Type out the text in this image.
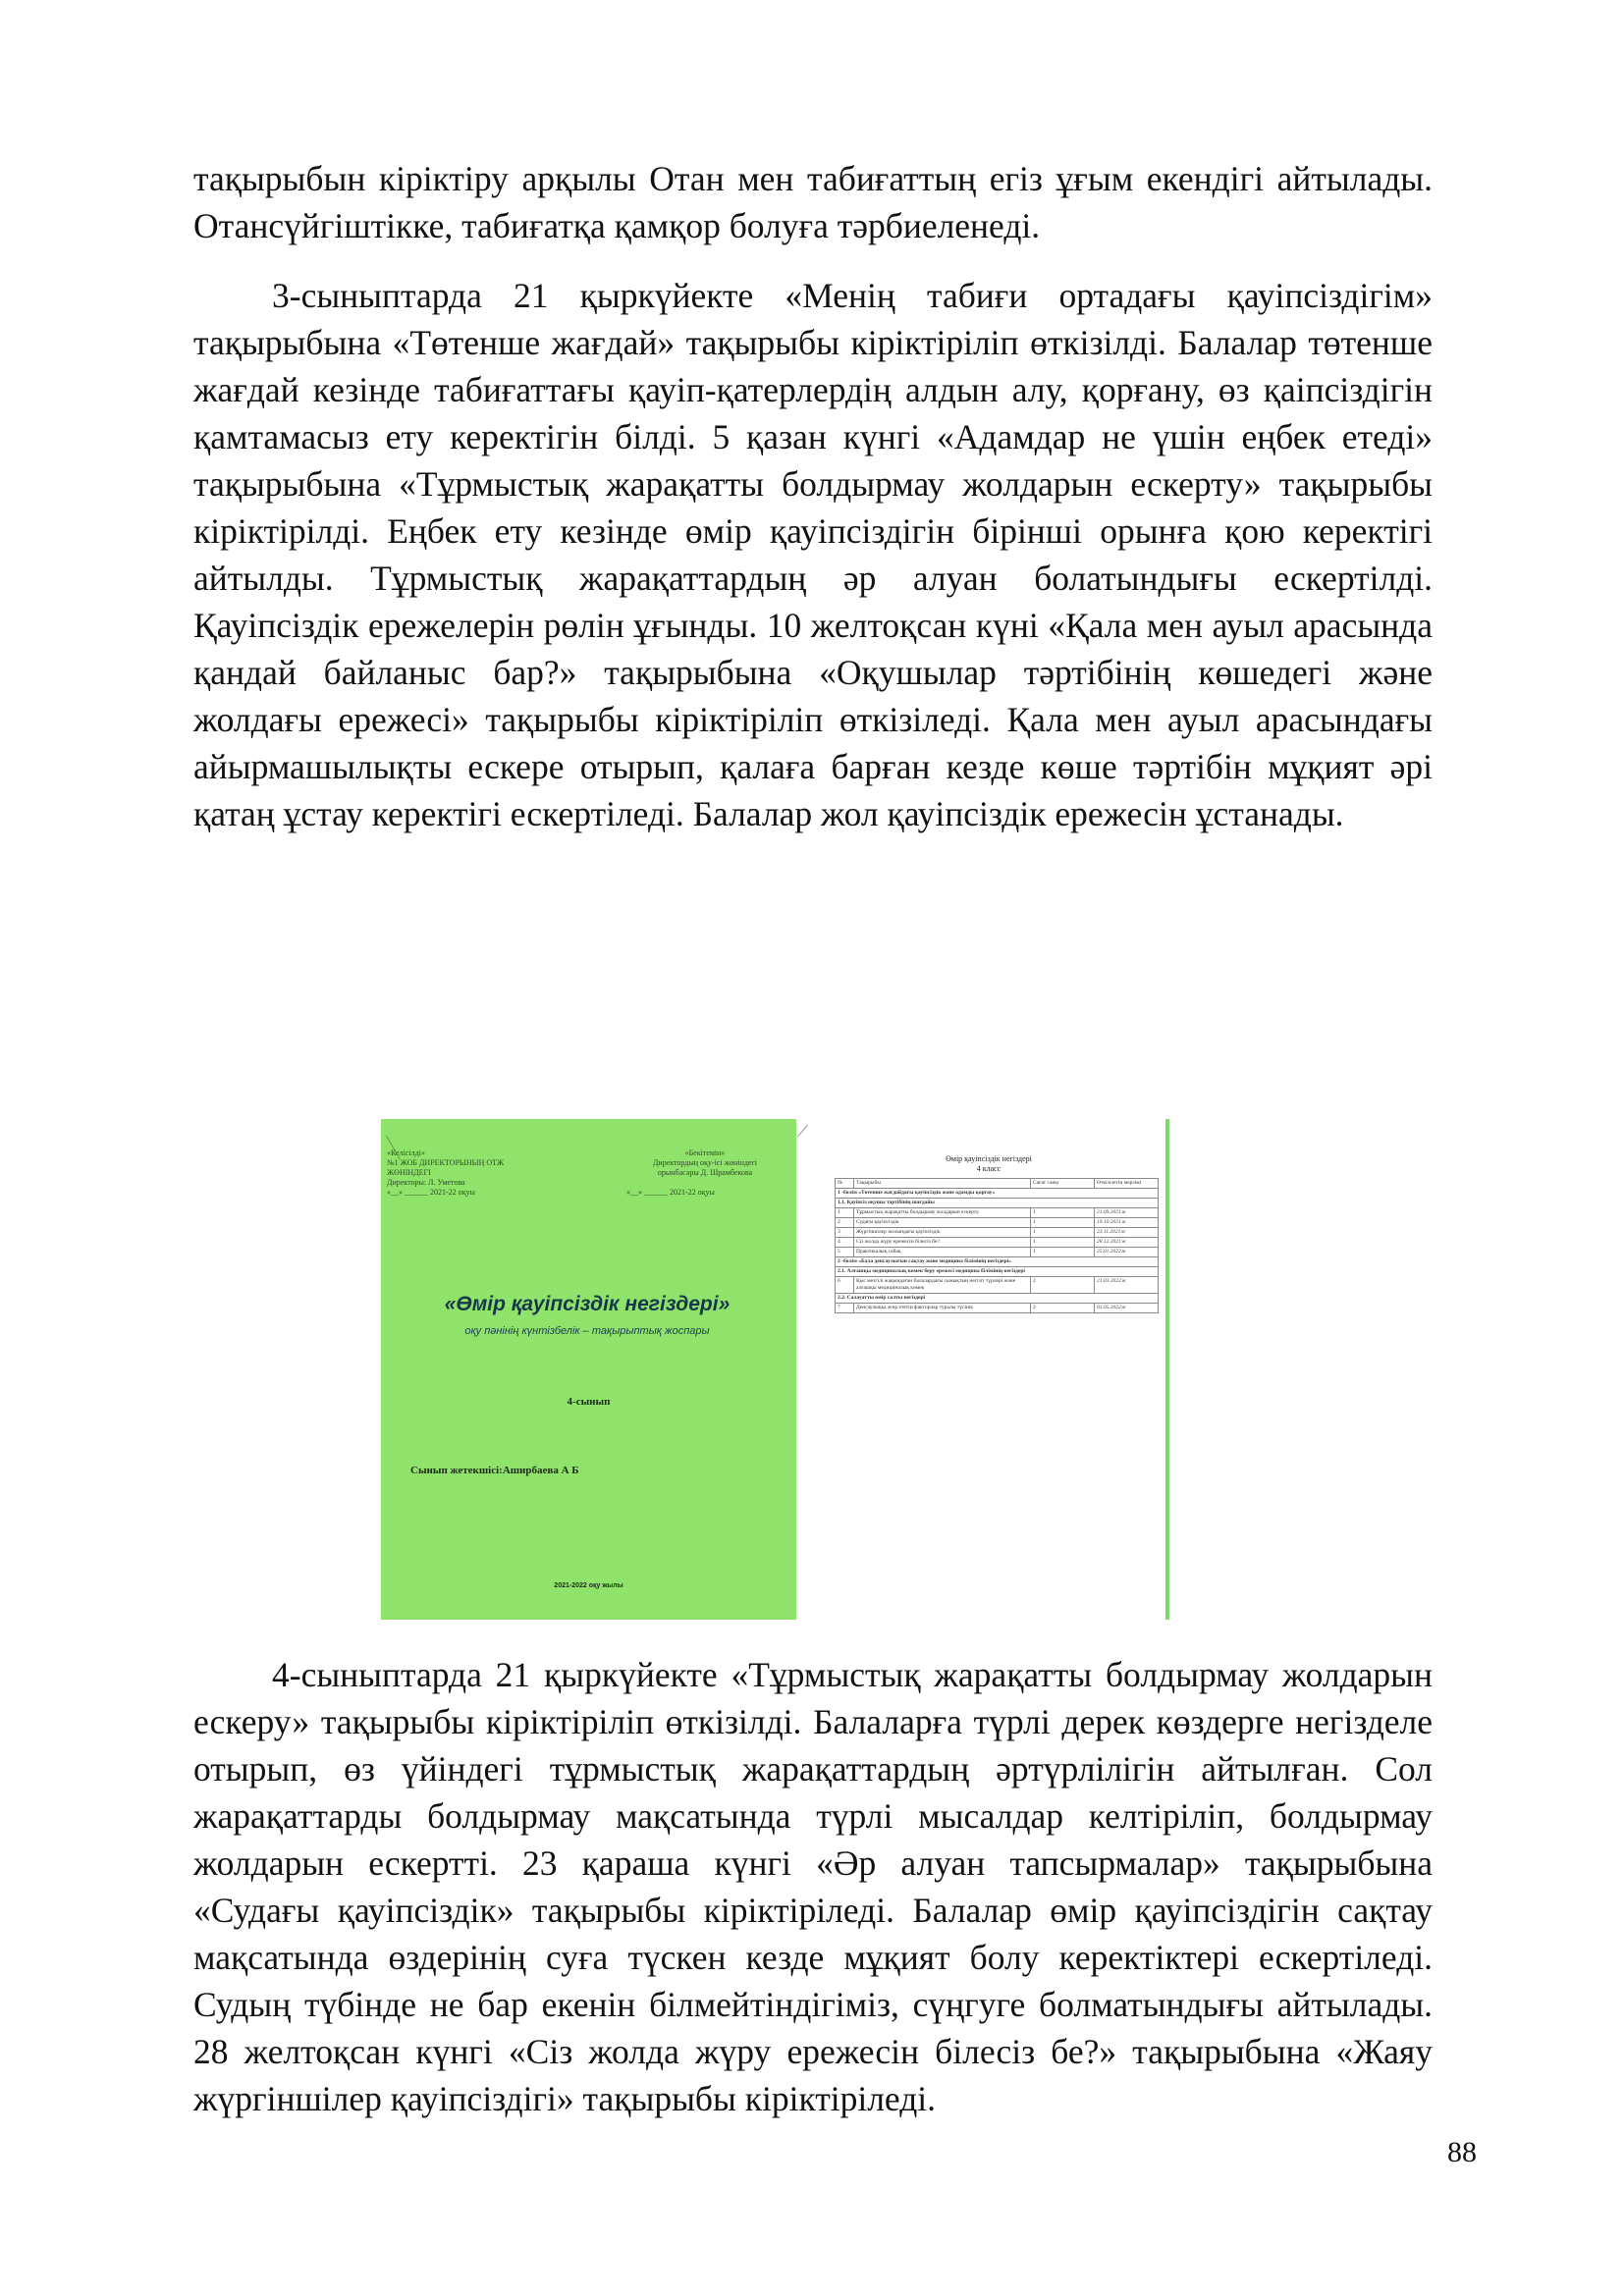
тақырыбын кіріктіру арқылы Отан мен табиғаттың егіз ұғым екендігі айтылады. Отансүйгіштікке, табиғатқа қамқор болуға тәрбиеленеді.

3-сыныптарда 21 қыркүйекте «Менің табиғи ортадағы қауіпсіздігім» тақырыбына «Төтенше жағдай» тақырыбы кіріктіріліп өткізілді. Балалар төтенше жағдай кезінде табиғаттағы қауіп-қатерлердің алдын алу, қорғану, өз қаіпсіздігін қамтамасыз ету керектігін білді. 5 қазан күнгі «Адамдар не үшін еңбек етеді» тақырыбына «Тұрмыстық жарақатты болдырмау жолдарын ескерту» тақырыбы кіріктірілді. Еңбек ету кезінде өмір қауіпсіздігін бірінші орынға қою керектігі айтылды. Тұрмыстық жарақаттардың әр алуан болатындығы ескертілді. Қауіпсіздік ережелерін рөлін ұғынды. 10 желтоқсан күні «Қала мен ауыл арасында қандай байланыс бар?» тақырыбына «Оқушылар тәртібінің көшедегі және жолдағы ережесі» тақырыбы кіріктіріліп өткізіледі. Қала мен ауыл арасындағы айырмашылықты ескере отырып, қалаға барған кезде көше тәртібін мұқият әрі қатаң ұстау керектігі ескертіледі. Балалар жол қауіпсіздік ережесін ұстанады.

«Келісілді»
№1 ЖОБ ДИРЕКТОРЫНЫҢ ОТЖ ЖӨНІНДЕГІ
Директоры: Л. Уметова
«__» ______ 2021-22 оқуы
«Бекітемін»
Директордың оқу-ісі жөніндегі
орынбасары Д. Шрамбекова
«__» ______ 2021-22 оқуы
«Өмір қауіпсіздік негіздері»
оқу пәнінің күнтізбелік – тақырыптық жоспары
4-сынып
Сынып жетекшісі:Аширбаева А Б
2021-2022 оқу жылы
Өмір қауіпсіздік негіздері
4 класс
№	Тақырыбы	Сағат саны	Өткізілетін мерзімі
1 -бөлім «Төтенше жағдайдағы қауіпсіздік және адамды қорғау»			
1.1. Қауіпсіз оқушы тәртібінің шағдайы			
1	Тұрмыстық жарақатты болдырмау жолдарын ескерту.	1	21.09.2021ж
2	Судағы қауіпсіздік	1	19.10.2021ж
3	Жүргіншілер жолындағы қауіпсіздік	1	23.11.2021ж
4	Сіз жолда жүру ережесін білесіз бе?	1	28.12.2021ж
5	Практикалық сабақ	1	25.01.2022ж
2 -бөлім «Бала денсаулығын сақтау және медицина білімінің негіздері»			
2.1. Алғашқы медициналық көмек беру ережесі медицина білімінің негіздері			
6	Қыс мезгілі жақындаған балалардағы сынықтың негізгі түрлері және алғашқы медициналық көмек	2	21.03.2022ж
2.2. Салауатты өмір салты негіздері			
7	Денсаулыққа әсер ететін факторлар туралы түсінік	2	03.05.2022ж

4-сыныптарда 21 қыркүйекте «Тұрмыстық жарақатты болдырмау жолдарын ескеру» тақырыбы кіріктіріліп өткізілді. Балаларға түрлі дерек көздерге негізделе отырып, өз үйіндегі тұрмыстық жарақаттардың әртүрлілігін айтылған. Сол жарақаттарды болдырмау мақсатында түрлі мысалдар келтіріліп, болдырмау жолдарын ескертті. 23 қараша күнгі «Әр алуан тапсырмалар» тақырыбына «Судағы қауіпсіздік» тақырыбы кіріктіріледі. Балалар өмір қауіпсіздігін сақтау мақсатында өздерінің суға түскен кезде мұқият болу керектіктері ескертіледі. Судың түбінде не бар екенін білмейтіндігіміз, сүңгуге болматындығы айтылады. 28 желтоқсан күнгі «Сіз жолда жүру ережесін білесіз бе?» тақырыбына «Жаяу жүргіншілер қауіпсіздігі» тақырыбы кіріктіріледі.

88
